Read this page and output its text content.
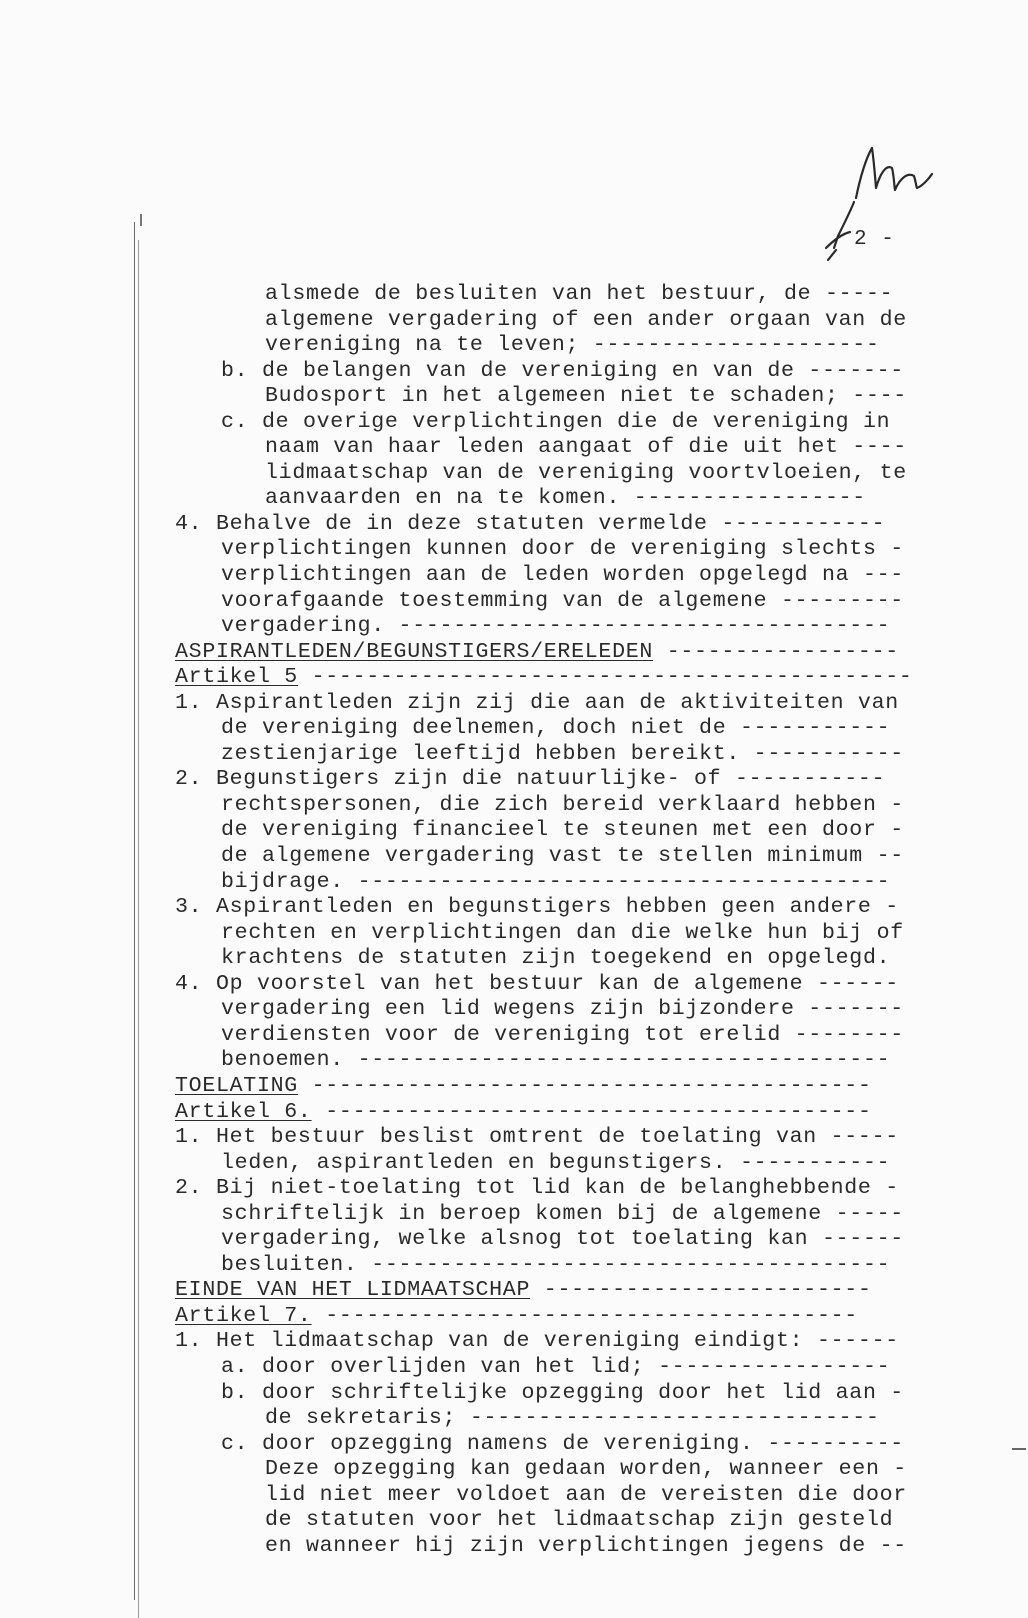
2 -
alsmede de besluiten van het bestuur, de -----
algemene vergadering of een ander orgaan van de
vereniging na te leven; ---------------------
b. de belangen van de vereniging en van de -------
Budosport in het algemeen niet te schaden; ----
c. de overige verplichtingen die de vereniging in
naam van haar leden aangaat of die uit het ----
lidmaatschap van de vereniging voortvloeien, te
aanvaarden en na te komen. -----------------
4. Behalve de in deze statuten vermelde ------------
verplichtingen kunnen door de vereniging slechts -
verplichtingen aan de leden worden opgelegd na ---
voorafgaande toestemming van de algemene ---------
vergadering. ------------------------------------
ASPIRANTLEDEN/BEGUNSTIGERS/ERELEDEN -----------------
Artikel 5 --------------------------------------------
1. Aspirantleden zijn zij die aan de aktiviteiten van
de vereniging deelnemen, doch niet de -----------
zestienjarige leeftijd hebben bereikt. -----------
2. Begunstigers zijn die natuurlijke- of -----------
rechtspersonen, die zich bereid verklaard hebben -
de vereniging financieel te steunen met een door -
de algemene vergadering vast te stellen minimum --
bijdrage. ---------------------------------------
3. Aspirantleden en begunstigers hebben geen andere -
rechten en verplichtingen dan die welke hun bij of
krachtens de statuten zijn toegekend en opgelegd.
4. Op voorstel van het bestuur kan de algemene ------
vergadering een lid wegens zijn bijzondere -------
verdiensten voor de vereniging tot erelid --------
benoemen. ---------------------------------------
TOELATING -----------------------------------------
Artikel 6. ----------------------------------------
1. Het bestuur beslist omtrent de toelating van -----
leden, aspirantleden en begunstigers. -----------
2. Bij niet-toelating tot lid kan de belanghebbende -
schriftelijk in beroep komen bij de algemene -----
vergadering, welke alsnog tot toelating kan ------
besluiten. --------------------------------------
EINDE VAN HET LIDMAATSCHAP ------------------------
Artikel 7. ---------------------------------------
1. Het lidmaatschap van de vereniging eindigt: ------
a. door overlijden van het lid; -----------------
b. door schriftelijke opzegging door het lid aan -
de sekretaris; ------------------------------
c. door opzegging namens de vereniging. ----------
Deze opzegging kan gedaan worden, wanneer een -
lid niet meer voldoet aan de vereisten die door
de statuten voor het lidmaatschap zijn gesteld
en wanneer hij zijn verplichtingen jegens de --
